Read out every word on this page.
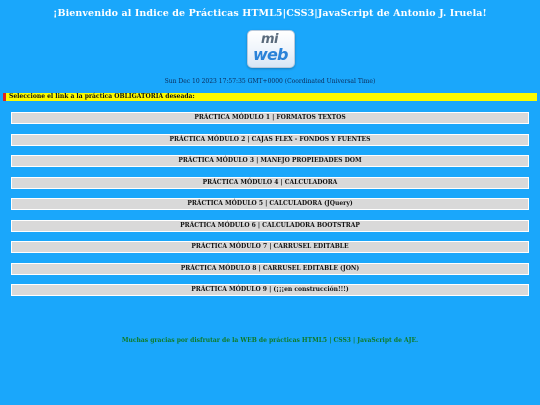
¡Bienvenido al Indice de Prácticas HTML5|CSS3|JavaScript de Antonio J. Iruela!
mi
web
Sun Dec 10 2023 17:57:35 GMT+0000 (Coordinated Universal Time)
Seleccione el link a la práctica OBLIGATORIA deseada:
PRÁCTICA MÓDULO 1 | FORMATOS TEXTOS
PRÁCTICA MÓDULO 2 | CAJAS FLEX - FONDOS Y FUENTES
PRÁCTICA MÓDULO 3 | MANEJO PROPIEDADES DOM
PRÁCTICA MÓDULO 4 | CALCULADORA
PRÁCTICA MÓDULO 5 | CALCULADORA (JQuery)
PRÁCTICA MÓDULO 6 | CALCULADORA BOOTSTRAP
PRÁCTICA MÓDULO 7 | CARRUSEL EDITABLE
PRÁCTICA MÓDULO 8 | CARRUSEL EDITABLE (JON)
PRÁCTICA MÓDULO 9 | (¡¡¡en construcción!!!)
Muchas gracias por disfrutar de la WEB de prácticas HTML5 | CSS3 | JavaScript de AJE.
